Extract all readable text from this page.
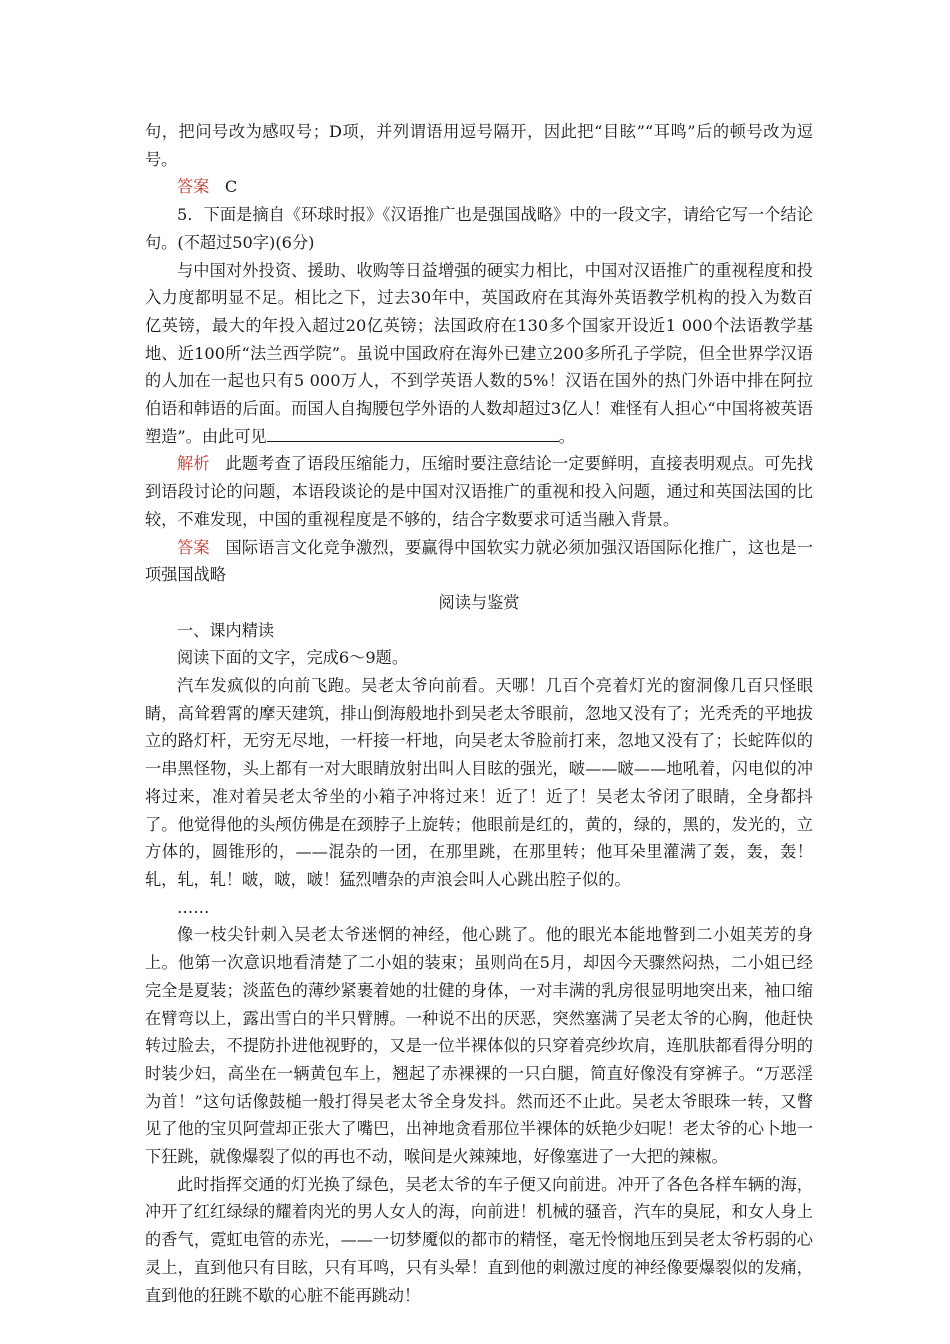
句，把问号改为感叹号；D项，并列谓语用逗号隔开，因此把“目眩”“耳鸣”后的顿号改为逗号。

答案 C

5．下面是摘自《环球时报》《汉语推广也是强国战略》中的一段文字，请给它写一个结论句。(不超过50字)(6分)

与中国对外投资、援助、收购等日益增强的硬实力相比，中国对汉语推广的重视程度和投入力度都明显不足。相比之下，过去30年中，英国政府在其海外英语教学机构的投入为数百亿英镑，最大的年投入超过20亿英镑；法国政府在130多个国家开设近1 000个法语教学基地、近100所“法兰西学院”。虽说中国政府在海外已建立200多所孔子学院，但全世界学汉语的人加在一起也只有5 000万人，不到学英语人数的5%！汉语在国外的热门外语中排在阿拉伯语和韩语的后面。而国人自掏腰包学外语的人数却超过3亿人！难怪有人担心“中国将被英语塑造”。由此可见	。

解析 此题考查了语段压缩能力，压缩时要注意结论一定要鲜明，直接表明观点。可先找到语段讨论的问题，本语段谈论的是中国对汉语推广的重视和投入问题，通过和英国法国的比较，不难发现，中国的重视程度是不够的，结合字数要求可适当融入背景。

答案 国际语言文化竞争激烈，要赢得中国软实力就必须加强汉语国际化推广，这也是一项强国战略

阅读与鉴赏

一、课内精读

阅读下面的文字，完成6～9题。

汽车发疯似的向前飞跑。吴老太爷向前看。天哪！几百个亮着灯光的窗洞像几百只怪眼睛，高耸碧霄的摩天建筑，排山倒海般地扑到吴老太爷眼前，忽地又没有了；光秃秃的平地拔立的路灯杆，无穷无尽地，一杆接一杆地，向吴老太爷脸前打来，忽地又没有了；长蛇阵似的一串黑怪物，头上都有一对大眼睛放射出叫人目眩的强光，啵——啵——地吼着，闪电似的冲将过来，准对着吴老太爷坐的小箱子冲将过来！近了！近了！吴老太爷闭了眼睛，全身都抖了。他觉得他的头颅仿佛是在颈脖子上旋转；他眼前是红的，黄的，绿的，黑的，发光的，立方体的，圆锥形的，——混杂的一团，在那里跳，在那里转；他耳朵里灌满了轰，轰，轰！轧，轧，轧！啵，啵，啵！猛烈嘈杂的声浪会叫人心跳出腔子似的。

……

像一枝尖针刺入吴老太爷迷惘的神经，他心跳了。他的眼光本能地瞥到二小姐芙芳的身上。他第一次意识地看清楚了二小姐的装束；虽则尚在5月，却因今天骤然闷热，二小姐已经完全是夏装；淡蓝色的薄纱紧裹着她的壮健的身体，一对丰满的乳房很显明地突出来，袖口缩在臂弯以上，露出雪白的半只臂膊。一种说不出的厌恶，突然塞满了吴老太爷的心胸，他赶快转过脸去，不提防扑进他视野的，又是一位半裸体似的只穿着亮纱坎肩，连肌肤都看得分明的时装少妇，高坐在一辆黄包车上，翘起了赤裸裸的一只白腿，简直好像没有穿裤子。“万恶淫为首！”这句话像鼓槌一般打得吴老太爷全身发抖。然而还不止此。吴老太爷眼珠一转，又瞥见了他的宝贝阿萱却正张大了嘴巴，出神地贪看那位半裸体的妖艳少妇呢！老太爷的心卜地一下狂跳，就像爆裂了似的再也不动，喉间是火辣辣地，好像塞进了一大把的辣椒。

此时指挥交通的灯光换了绿色，吴老太爷的车子便又向前进。冲开了各色各样车辆的海，冲开了红红绿绿的耀着肉光的男人女人的海，向前进！机械的骚音，汽车的臭屁，和女人身上的香气，霓虹电管的赤光，——一切梦魇似的都市的精怪，毫无怜悯地压到吴老太爷朽弱的心灵上，直到他只有目眩，只有耳鸣，只有头晕！直到他的刺激过度的神经像要爆裂似的发痛，直到他的狂跳不歇的心脏不能再跳动！
